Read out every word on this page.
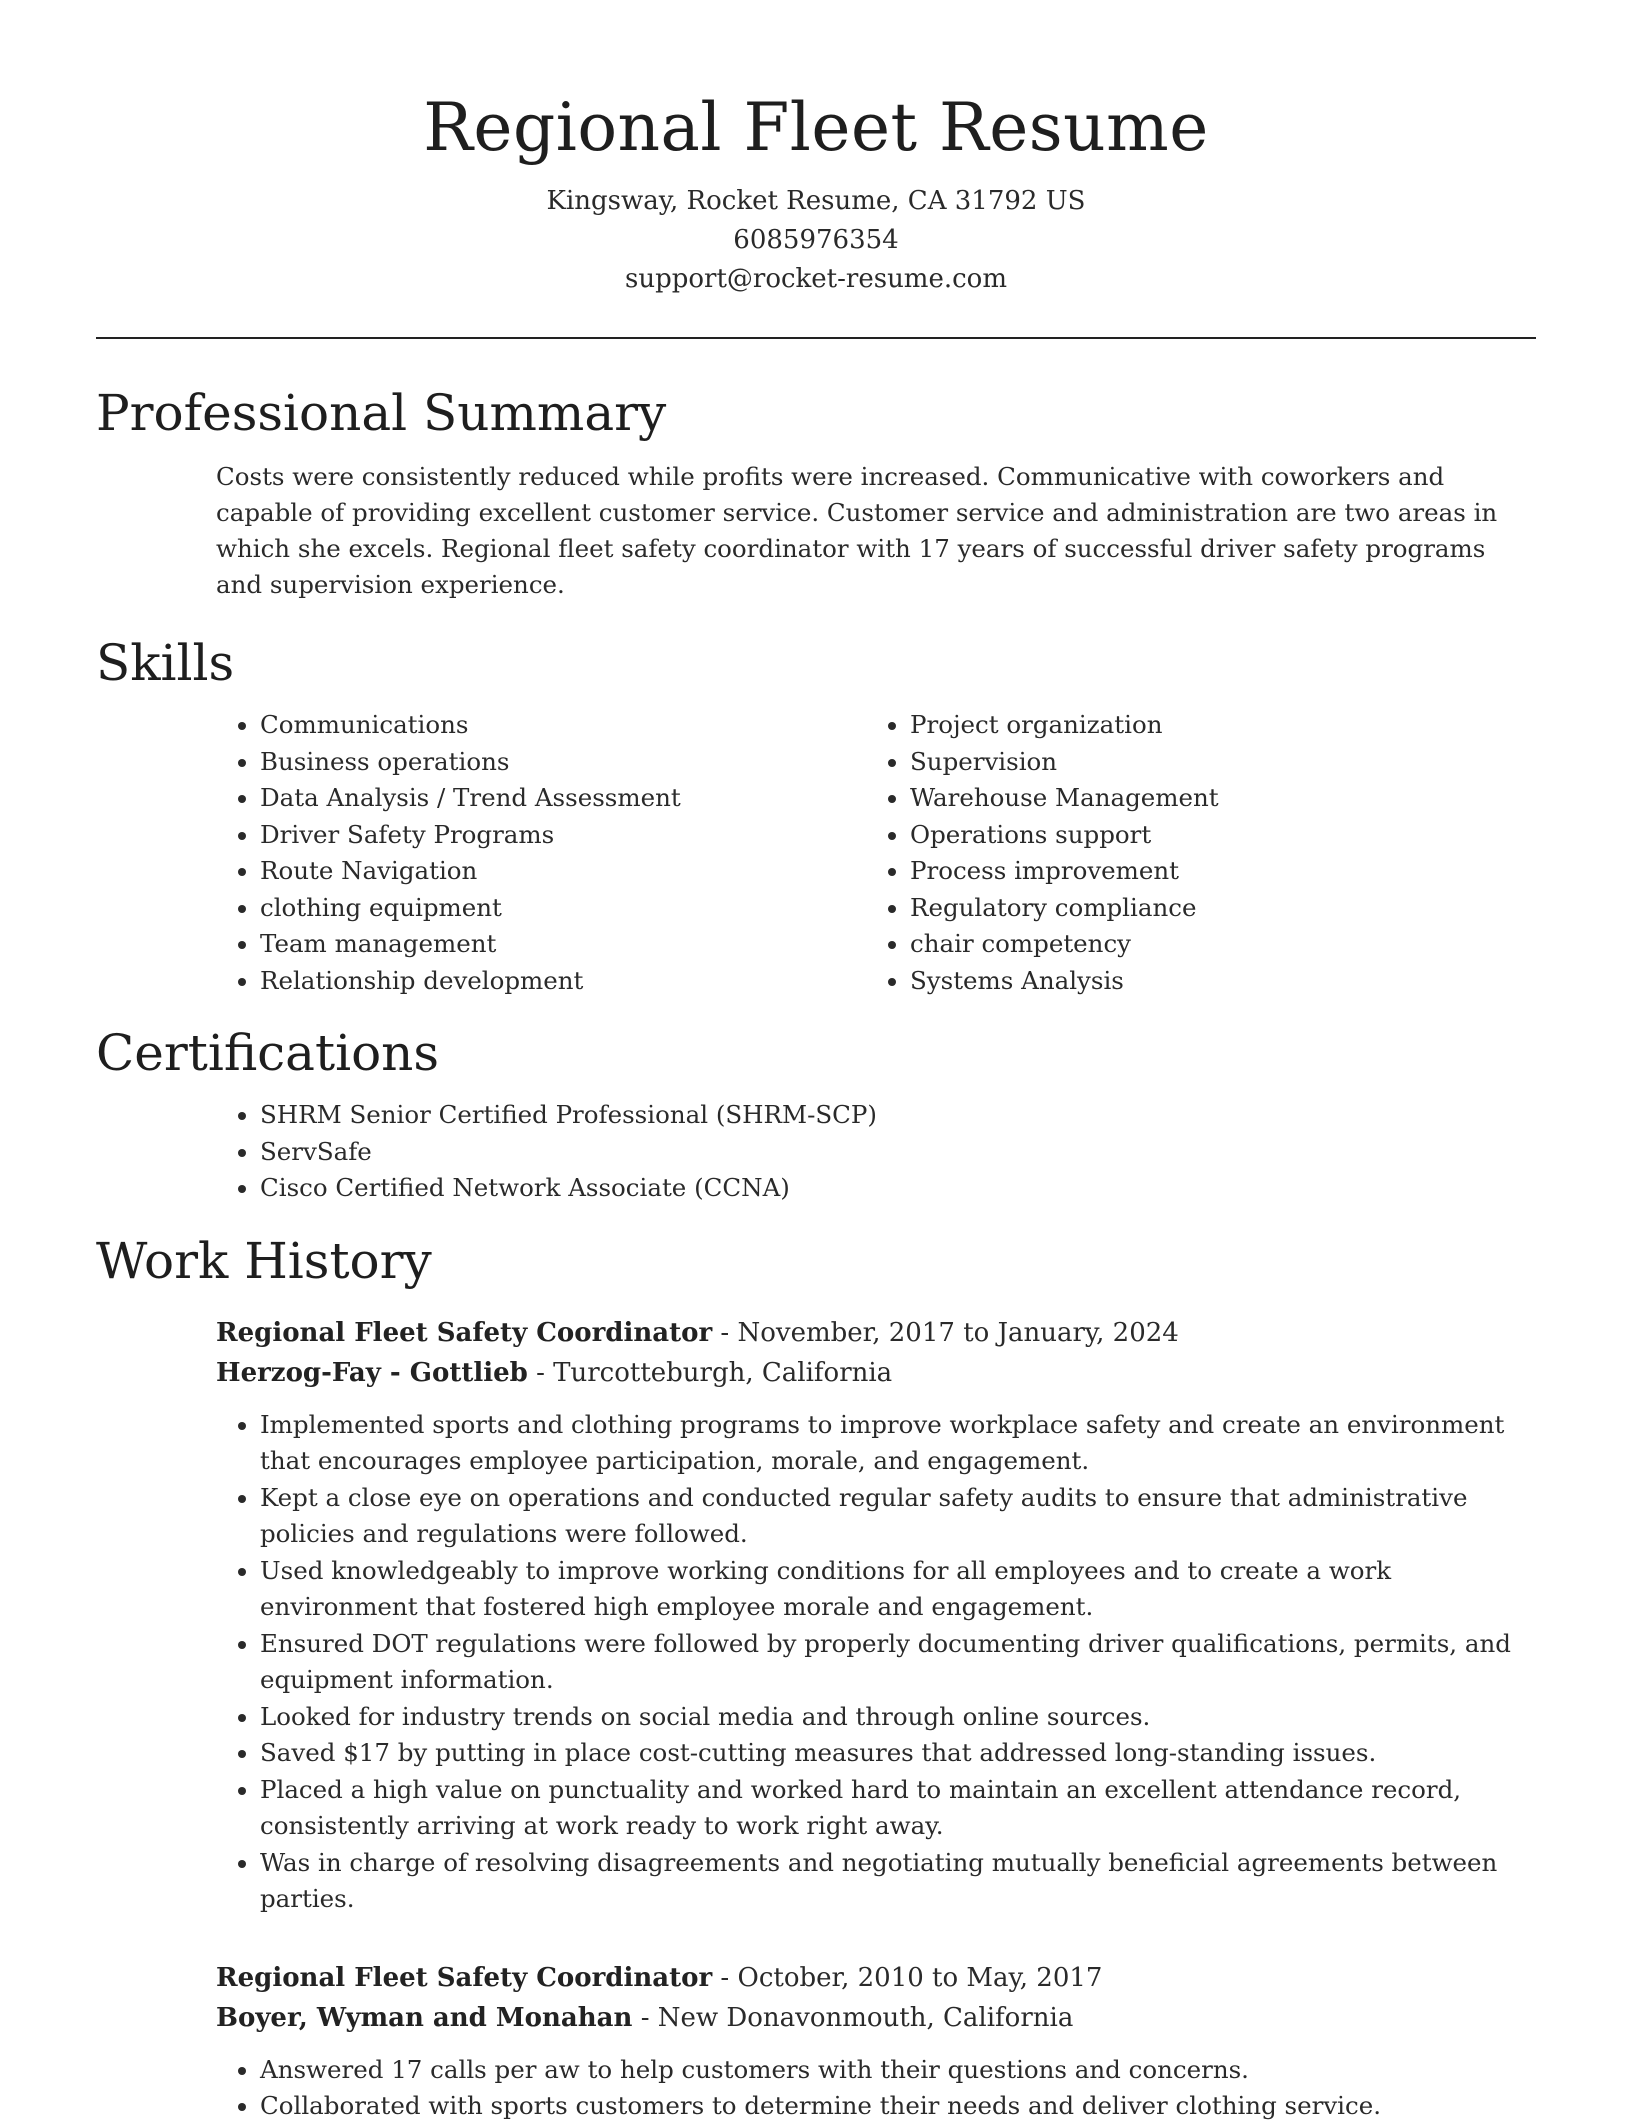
Regional Fleet Resume
Kingsway, Rocket Resume, CA 31792 US
6085976354
support@rocket-resume.com
Professional Summary
Costs were consistently reduced while profits were increased. Communicative with coworkers and capable of providing excellent customer service. Customer service and administration are two areas in which she excels. Regional fleet safety coordinator with 17 years of successful driver safety programs and supervision experience.
Skills
• Communications
• Business operations
• Data Analysis / Trend Assessment
• Driver Safety Programs
• Route Navigation
• clothing equipment
• Team management
• Relationship development
• Project organization
• Supervision
• Warehouse Management
• Operations support
• Process improvement
• Regulatory compliance
• chair competency
• Systems Analysis
Certifications
• SHRM Senior Certified Professional (SHRM-SCP)
• ServSafe
• Cisco Certified Network Associate (CCNA)
Work History
Regional Fleet Safety Coordinator - November, 2017 to January, 2024
Herzog-Fay - Gottlieb - Turcotteburgh, California
• Implemented sports and clothing programs to improve workplace safety and create an environment that encourages employee participation, morale, and engagement.
• Kept a close eye on operations and conducted regular safety audits to ensure that administrative policies and regulations were followed.
• Used knowledgeably to improve working conditions for all employees and to create a work environment that fostered high employee morale and engagement.
• Ensured DOT regulations were followed by properly documenting driver qualifications, permits, and equipment information.
• Looked for industry trends on social media and through online sources.
• Saved $17 by putting in place cost-cutting measures that addressed long-standing issues.
• Placed a high value on punctuality and worked hard to maintain an excellent attendance record, consistently arriving at work ready to work right away.
• Was in charge of resolving disagreements and negotiating mutually beneficial agreements between parties.
Regional Fleet Safety Coordinator - October, 2010 to May, 2017
Boyer, Wyman and Monahan - New Donavonmouth, California
• Answered 17 calls per aw to help customers with their questions and concerns.
• Collaborated with sports customers to determine their needs and deliver clothing service.
